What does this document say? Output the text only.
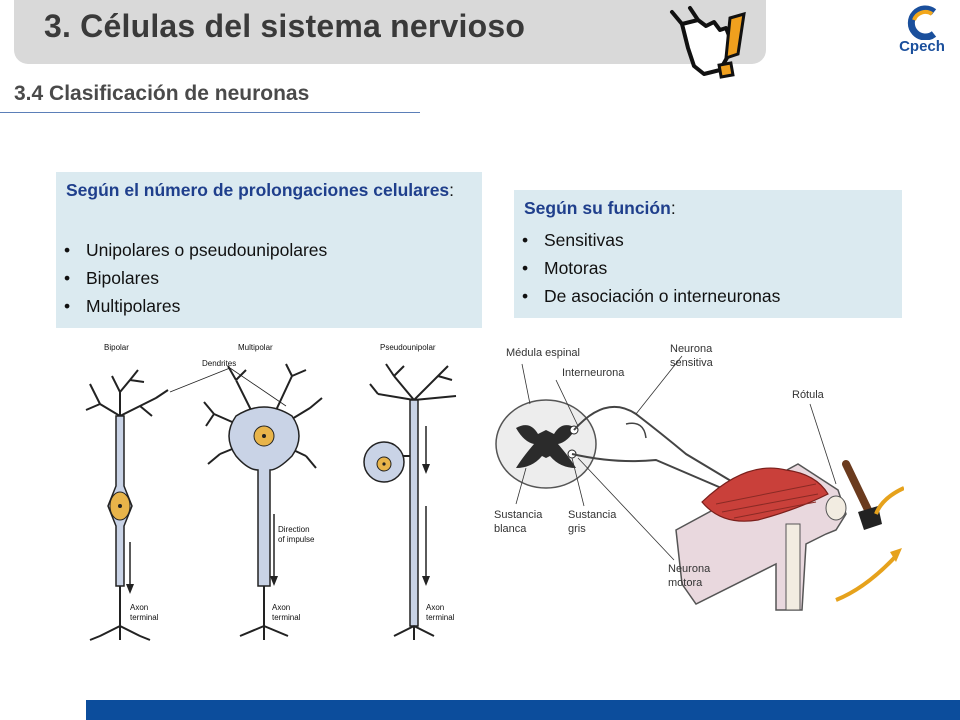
3. Células del sistema nervioso
Cpech
3.4 Clasificación de neuronas
Según el número de prolongaciones celulares:
• Unipolares o pseudounipolares
• Bipolares
• Multipolares
Según su función:
• Sensitivas
• Motoras
• De asociación o interneuronas
Bipolar
Axon
terminal
Multipolar
Dendrites
Direction
of impulse
Axon
terminal
Pseudounipolar
Axon
terminal
Médula espinal
Interneurona
Neurona
sensitiva
Rótula
Sustancia
blanca
Sustancia
gris
Neurona
motora
